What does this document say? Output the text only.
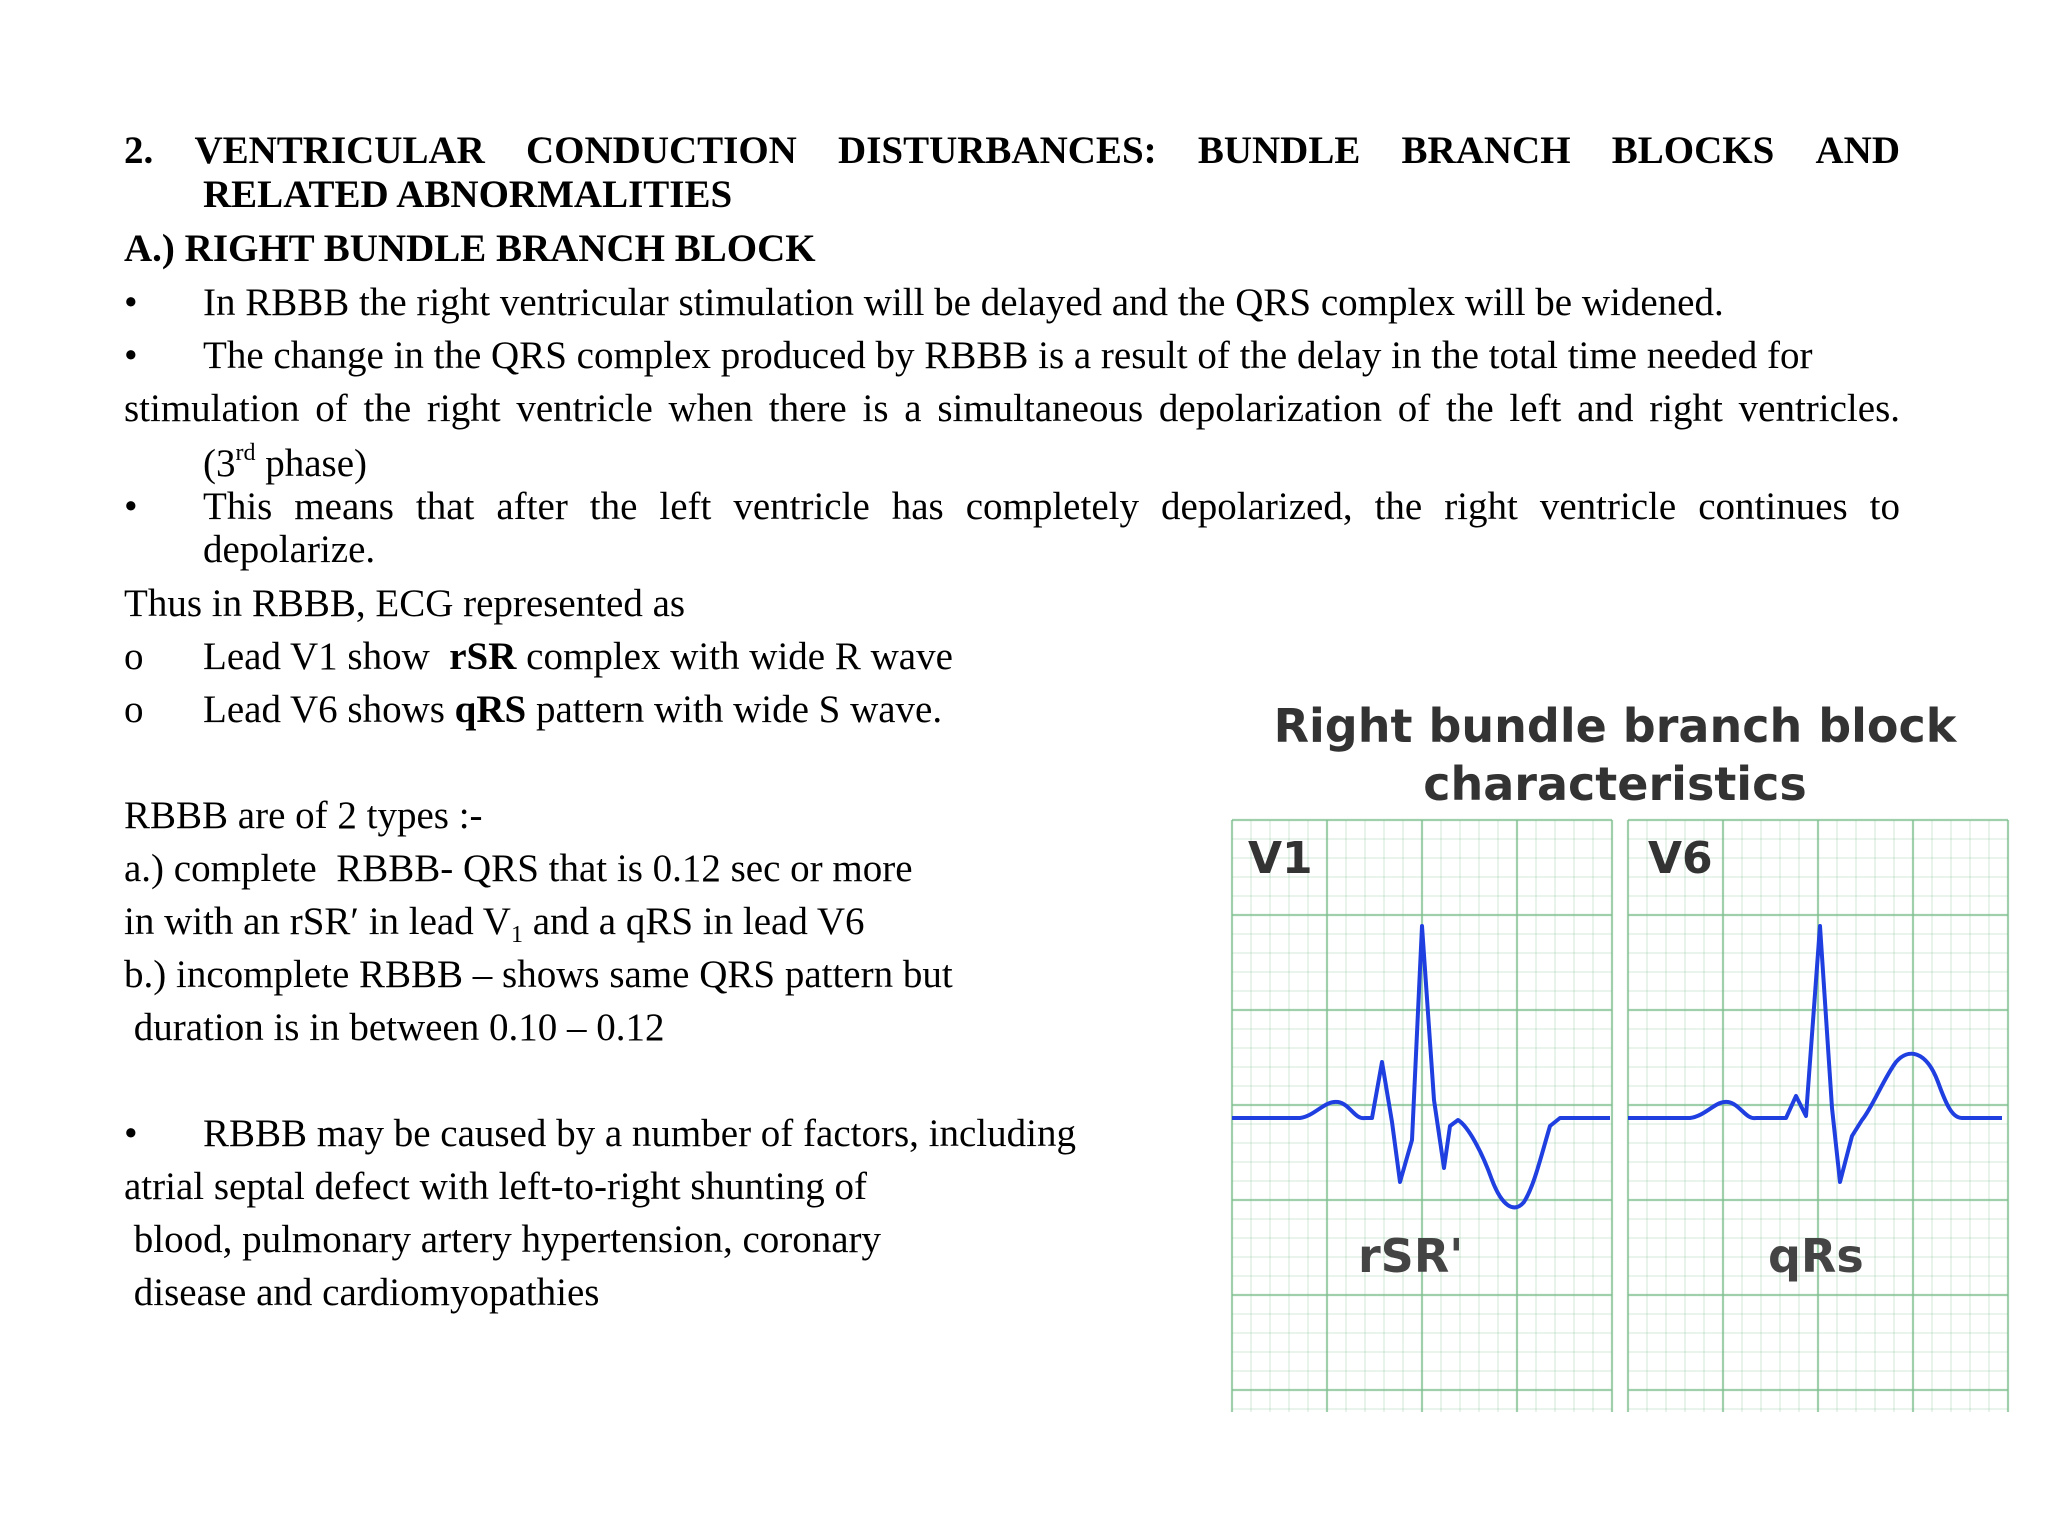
2. VENTRICULAR CONDUCTION DISTURBANCES: BUNDLE BRANCH BLOCKS AND
RELATED ABNORMALITIES
A.) RIGHT BUNDLE BRANCH BLOCK
• In RBBB the right ventricular stimulation will be delayed and the QRS complex will be widened.
• The change in the QRS complex produced by RBBB is a result of the delay in the total time needed for
stimulation of the right ventricle when there is a simultaneous depolarization of the left and right ventricles.
(3rd phase)
• This means that after the left ventricle has completely depolarized, the right ventricle continues to
depolarize.
Thus in RBBB, ECG represented as
o Lead V1 show  rSR complex with wide R wave
o Lead V6 shows qRS pattern with wide S wave.
RBBB are of 2 types :-
a.) complete  RBBB- QRS that is 0.12 sec or more
in with an rSR′ in lead $V_1$ and a qRS in lead V6
b.) incomplete RBBB – shows same QRS pattern but
duration is in between 0.10 – 0.12
• RBBB may be caused by a number of factors, including
atrial septal defect with left-to-right shunting of
blood, pulmonary artery hypertension, coronary
disease and cardiomyopathies
Right bundle branch block
characteristics
V1	V6
rSR'	qRs
